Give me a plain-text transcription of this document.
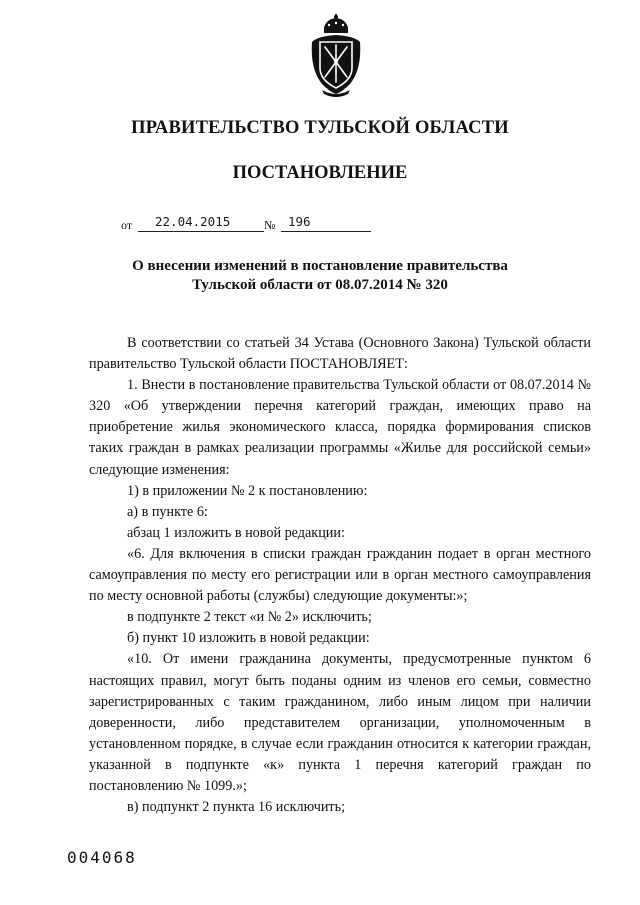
ПРАВИТЕЛЬСТВО ТУЛЬСКОЙ ОБЛАСТИ
ПОСТАНОВЛЕНИЕ
от 22.04.2015	№ 196
О внесении изменений в постановление правительства
Тульской области от 08.07.2014 № 320

В соответствии со статьей 34 Устава (Основного Закона) Тульской области правительство Тульской области ПОСТАНОВЛЯЕТ:

1. Внести в постановление правительства Тульской области от 08.07.2014 № 320 «Об утверждении перечня категорий граждан, имеющих право на приобретение жилья экономического класса, порядка формирования списков таких граждан в рамках реализации программы «Жилье для российской семьи» следующие изменения:

1) в приложении № 2 к постановлению:

а) в пункте 6:

абзац 1 изложить в новой редакции:

«6. Для включения в списки граждан гражданин подает в орган местного самоуправления по месту его регистрации или в орган местного самоуправления по месту основной работы (службы) следующие документы:»;

в подпункте 2 текст «и № 2» исключить;

б) пункт 10 изложить в новой редакции:

«10. От имени гражданина документы, предусмотренные пунктом 6 настоящих правил, могут быть поданы одним из членов его семьи, совместно зарегистрированных с таким гражданином, либо иным лицом при наличии доверенности, либо представителем организации, уполномоченным в установленном порядке, в случае если гражданин относится к категории граждан, указанной в подпункте «к» пункта 1 перечня категорий граждан по постановлению № 1099.»;

в) подпункт 2 пункта 16 исключить;

004068
